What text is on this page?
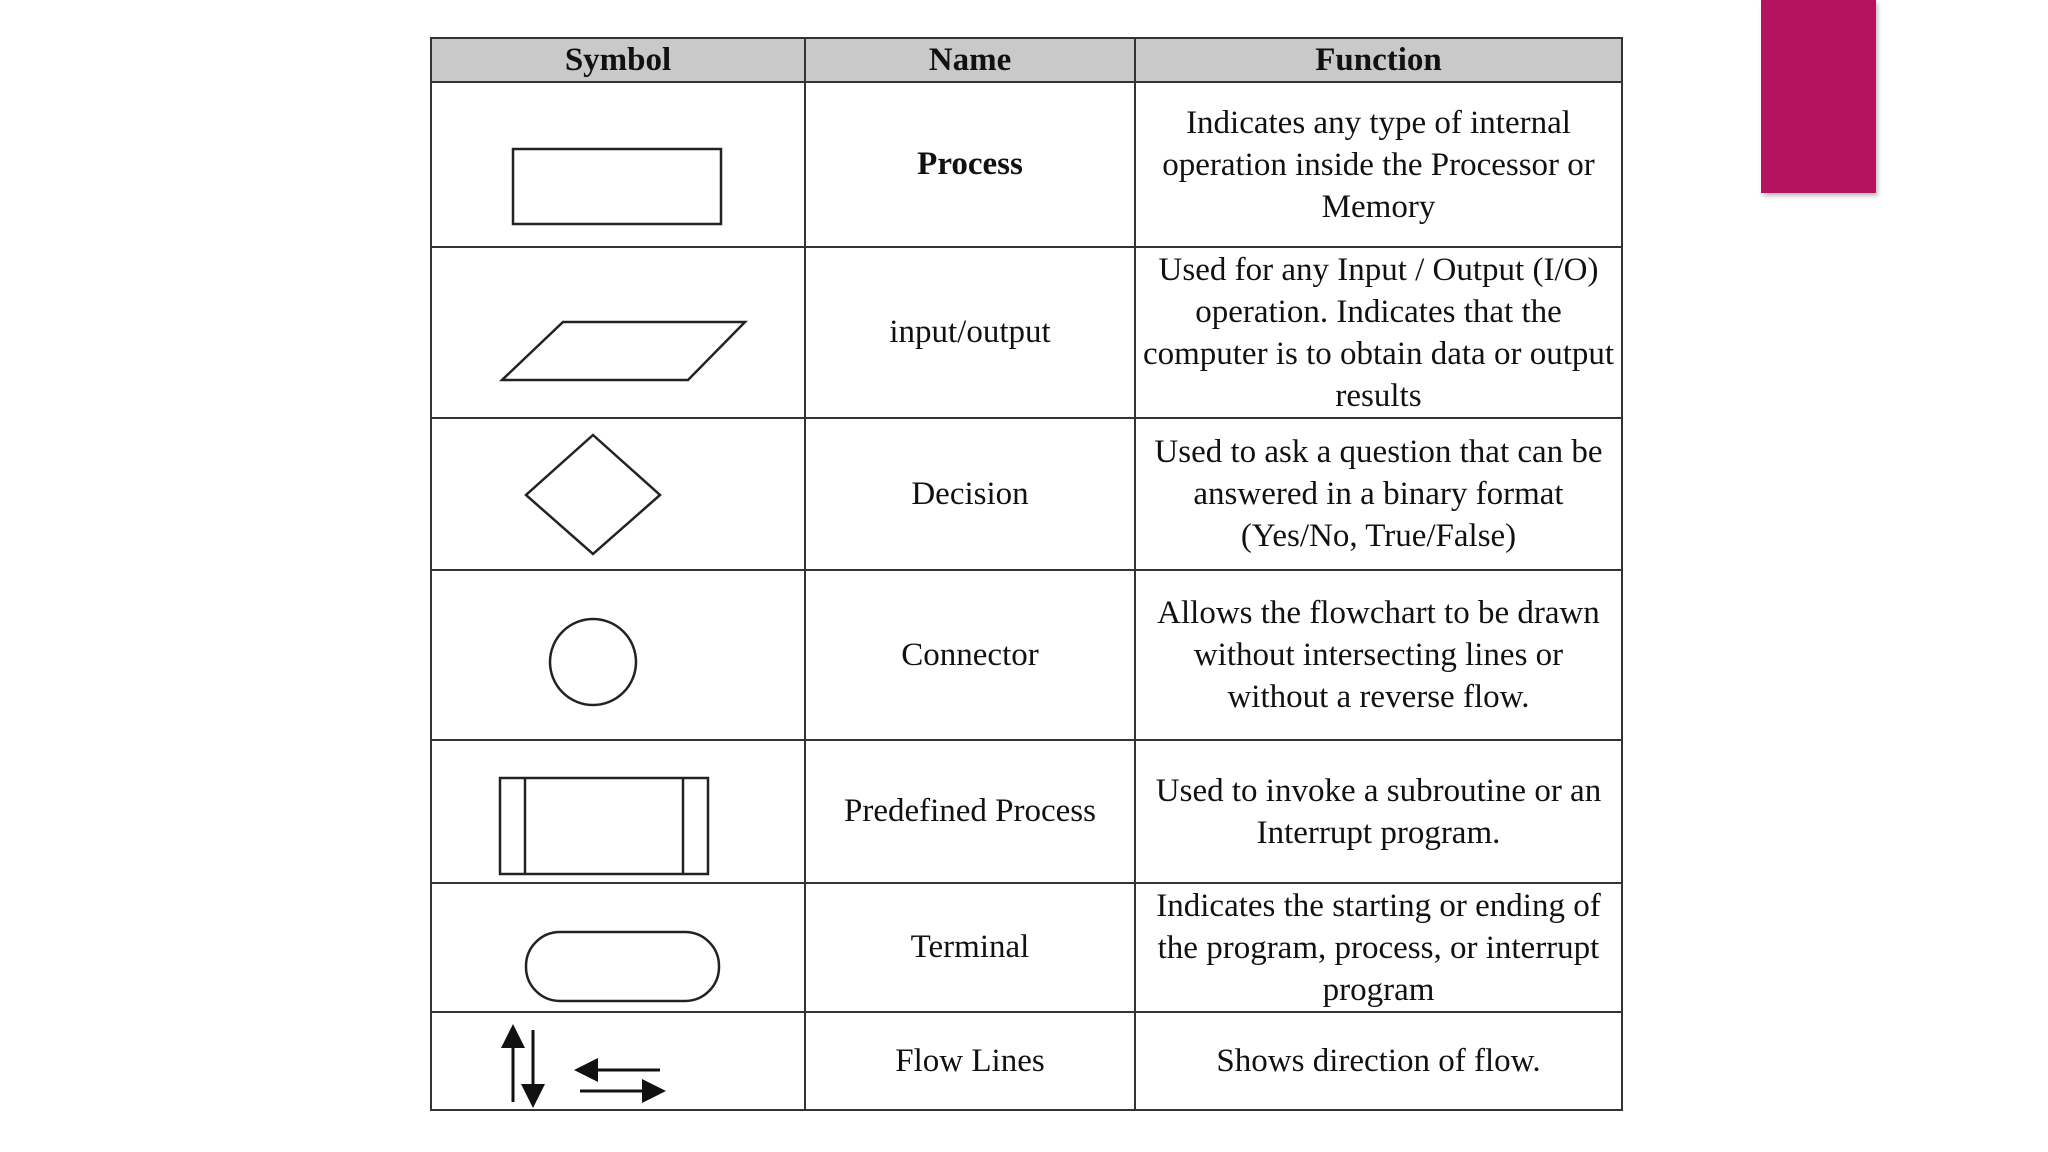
Symbol	Name	Function

	Process	Indicates any type of internal operation inside the Processor or Memory

	input/output	Used for any Input / Output (I/O) operation. Indicates that the computer is to obtain data or output results

	Decision	Used to ask a question that can be answered in a binary format (Yes/No, True/False)

	Connector	Allows the flowchart to be drawn without intersecting lines or without a reverse flow.

	Predefined Process	Used to invoke a subroutine or an Interrupt program.

	Terminal	Indicates the starting or ending of the program, process, or interrupt program

	Flow Lines	Shows direction of flow.
